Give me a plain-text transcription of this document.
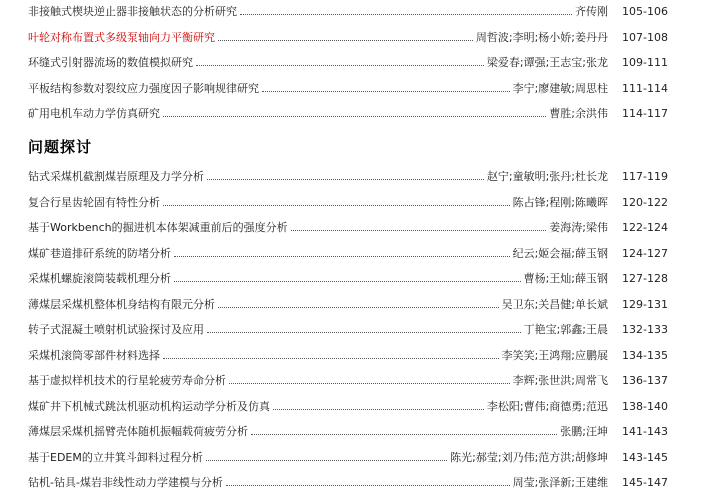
非接触式楔块逆止器非接触状态的分析研究	齐传刚	105-106
叶轮对称布置式多级泵轴向力平衡研究	周哲波;李明;杨小娇;姜丹丹	107-108
环缝式引射器流场的数值模拟研究	梁爱春;谭强;王志宝;张龙	109-111
平板结构参数对裂纹应力强度因子影响规律研究	李宁;廖建敏;周思柱	111-114
矿用电机车动力学仿真研究	曹胜;余洪伟	114-117
问题探讨
钻式采煤机截割煤岩原理及力学分析	赵宁;童敏明;张丹;杜长龙	117-119
复合行星齿轮固有特性分析	陈占锋;程刚;陈曦晖	120-122
基于Workbench的掘进机本体架减重前后的强度分析	姜海涛;梁伟	122-124
煤矿巷道排矸系统的防堵分析	纪云;姬会福;薛玉钢	124-127
采煤机螺旋滚筒装载机理分析	曹杨;王灿;薛玉钢	127-128
薄煤层采煤机整体机身结构有限元分析	吴卫东;关昌健;单长斌	129-131
转子式混凝土喷射机试验探讨及应用	丁艳宝;郭鑫;王晨	132-133
采煤机滚筒零部件材料选择	李笑笑;王鸿翔;应鹏展	134-135
基于虚拟样机技术的行星轮疲劳寿命分析	李辉;张世洪;周常飞	136-137
煤矿井下机械式跳汰机驱动机构运动学分析及仿真	李松阳;曹伟;商德勇;范迅	138-140
薄煤层采煤机摇臂壳体随机振幅载荷疲劳分析	张鹏;汪坤	141-143
基于EDEM的立井箕斗卸料过程分析	陈光;郝莹;刘乃伟;范方洪;胡修坤	143-145
钻机-钻具-煤岩非线性动力学建模与分析	周莹;张泽新;王建维	145-147
